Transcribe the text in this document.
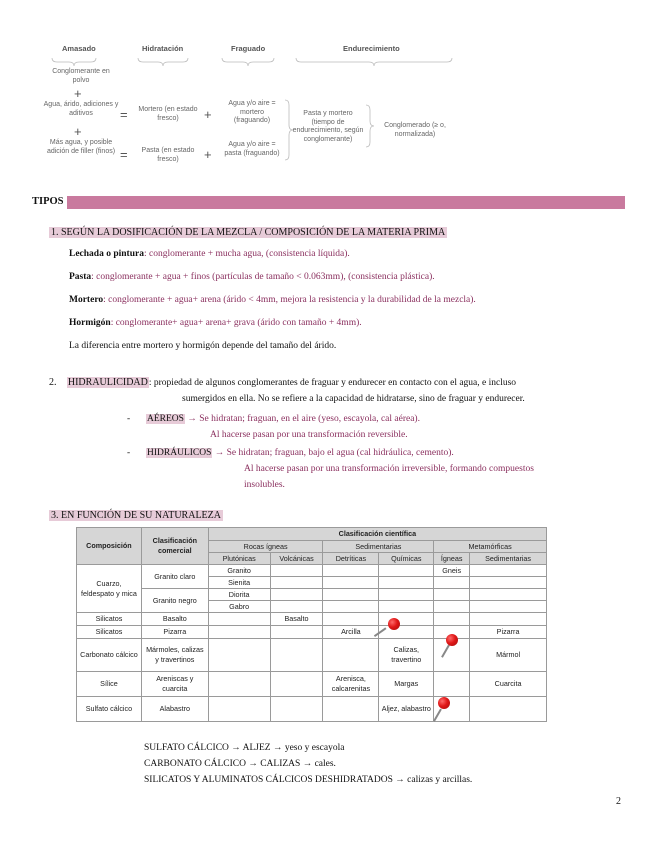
Amasado	Hidratación	Fraguado	Endurecimiento
Conglomerante en polvo
+
Agua, árido, adiciones y aditivos
+
Más agua, y posible adición de filler (finos)
=
=
Mortero (en estado fresco)
Pasta (en estado fresco)
+
+
Agua y/o aire = mortero (fraguando)
Agua y/o aire = pasta (fraguando)
Pasta y mortero (tiempo de endurecimiento, según conglomerante)
Conglomerado (≥ o, normalizada)
TIPOS
1. SEGÚN LA DOSIFICACIÓN DE LA MEZCLA / COMPOSICIÓN DE LA MATERIA PRIMA
Lechada o pintura: conglomerante + mucha agua, (consistencia líquida).
Pasta: conglomerante + agua + finos (partículas de tamaño < 0.063mm), (consistencia plástica).
Mortero: conglomerante + agua+ arena (árido < 4mm, mejora la resistencia y la durabilidad de la mezcla).
Hormigón: conglomerante+ agua+ arena+ grava (árido con tamaño + 4mm).
La diferencia entre mortero y hormigón depende del tamaño del árido.
2. HIDRAULICIDAD: propiedad de algunos conglomerantes de fraguar y endurecer en contacto con el agua, e incluso
sumergidos en ella. No se refiere a la capacidad de hidratarse, sino de fraguar y endurecer.
- AÉREOS → Se hidratan; fraguan, en el aire (yeso, escayola, cal aérea).
Al hacerse pasan por una transformación reversible.
- HIDRÁULICOS → Se hidratan; fraguan, bajo el agua (cal hidráulica, cemento).
Al hacerse pasan por una transformación irreversible, formando compuestos
insolubles.
3. EN FUNCIÓN DE SU NATURALEZA
Composición	Clasificación comercial	Clasificación científica					
		Rocas ígneas		Sedimentarias		Metamórficas	
		Plutónicas	Volcánicas	Detríticas	Químicas	Ígneas	Sedimentarias
Cuarzo, feldespato y mica	Granito claro	Granito				Gneis	
		Sienita					
	Granito negro	Diorita					
		Gabro					
Silicatos	Basalto		Basalto				
Silicatos	Pizarra			Arcilla			Pizarra
Carbonato cálcico	Mármoles, calizas y travertinos				Calizas, travertino		Mármol
Sílice	Areniscas y cuarcita			Arenisca, calcarenitas	Margas		Cuarcita
Sulfato cálcico	Alabastro				Aljez, alabastro		
SULFATO CÁLCICO → ALJEZ → yeso y escayola
CARBONATO CÁLCICO → CALIZAS → cales.
SILICATOS Y ALUMINATOS CÁLCICOS DESHIDRATADOS → calizas y arcillas.
2
